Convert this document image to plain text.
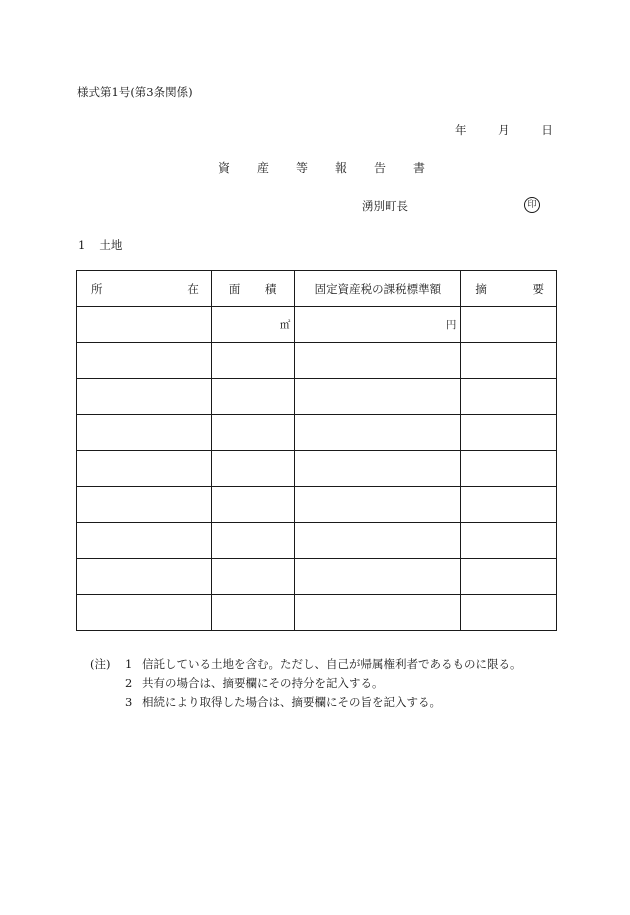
様式第1号(第3条関係)
年	月	日
資産等報告書
湧別町長	印
1 土地
所 在	面 積	固定資産税の課税標準額	摘 要

	㎡	円	

(注)	1 信託している土地を含む。ただし、自己が帰属権利者であるものに限る。
2 共有の場合は、摘要欄にその持分を記入する。
3 相続により取得した場合は、摘要欄にその旨を記入する。
